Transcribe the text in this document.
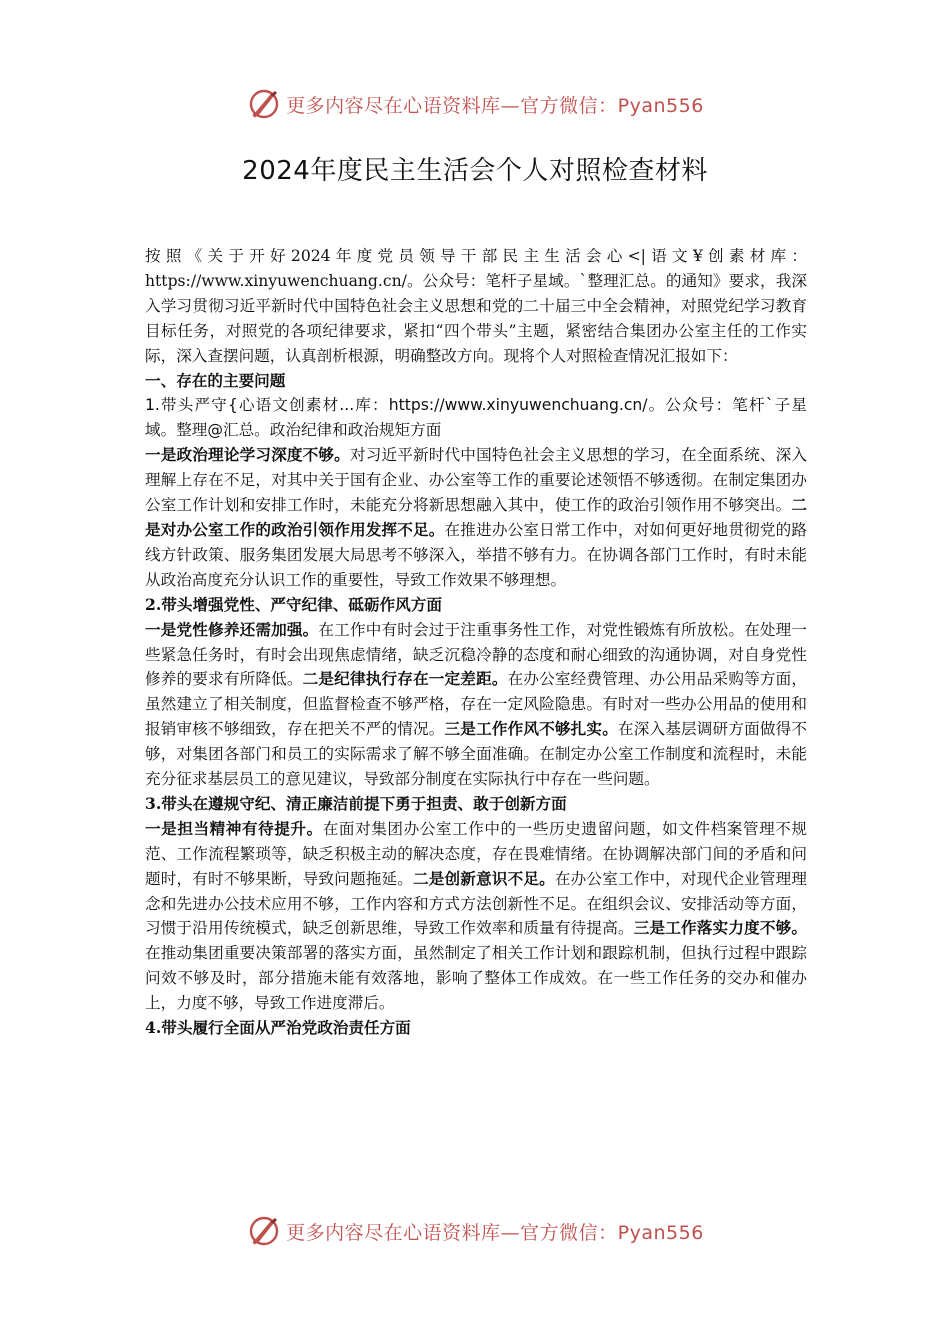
更多内容尽在心语资料库—官方微信：Pyan556
2024年度民主生活会个人对照检查材料

按照《关于开好2024年度党员领导干部民主生活会心<|语文¥创素材库：https://www.xinyuwenchuang.cn/。公众号：笔杆子星域。`整理汇总。的通知》要求，我深入学习贯彻习近平新时代中国特色社会主义思想和党的二十届三中全会精神，对照党纪学习教育目标任务，对照党的各项纪律要求，紧扣“四个带头”主题，紧密结合集团办公室主任的工作实际，深入查摆问题，认真剖析根源，明确整改方向。现将个人对照检查情况汇报如下：

一、存在的主要问题

1.带头严守{心语文创素材...库：https://www.xinyuwenchuang.cn/。公众号：笔杆`子星域。整理@汇总。政治纪律和政治规矩方面

一是政治理论学习深度不够。对习近平新时代中国特色社会主义思想的学习，在全面系统、深入理解上存在不足，对其中关于国有企业、办公室等工作的重要论述领悟不够透彻。在制定集团办公室工作计划和安排工作时，未能充分将新思想融入其中，使工作的政治引领作用不够突出。二是对办公室工作的政治引领作用发挥不足。在推进办公室日常工作中，对如何更好地贯彻党的路线方针政策、服务集团发展大局思考不够深入，举措不够有力。在协调各部门工作时，有时未能从政治高度充分认识工作的重要性，导致工作效果不够理想。

2.带头增强党性、严守纪律、砥砺作风方面

一是党性修养还需加强。在工作中有时会过于注重事务性工作，对党性锻炼有所放松。在处理一些紧急任务时，有时会出现焦虑情绪，缺乏沉稳冷静的态度和耐心细致的沟通协调，对自身党性修养的要求有所降低。二是纪律执行存在一定差距。在办公室经费管理、办公用品采购等方面，虽然建立了相关制度，但监督检查不够严格，存在一定风险隐患。有时对一些办公用品的使用和报销审核不够细致，存在把关不严的情况。三是工作作风不够扎实。在深入基层调研方面做得不够，对集团各部门和员工的实际需求了解不够全面准确。在制定办公室工作制度和流程时，未能充分征求基层员工的意见建议，导致部分制度在实际执行中存在一些问题。

3.带头在遵规守纪、清正廉洁前提下勇于担责、敢于创新方面

一是担当精神有待提升。在面对集团办公室工作中的一些历史遗留问题，如文件档案管理不规范、工作流程繁琐等，缺乏积极主动的解决态度，存在畏难情绪。在协调解决部门间的矛盾和问题时，有时不够果断，导致问题拖延。二是创新意识不足。在办公室工作中，对现代企业管理理念和先进办公技术应用不够，工作内容和方式方法创新性不足。在组织会议、安排活动等方面，习惯于沿用传统模式，缺乏创新思维，导致工作效率和质量有待提高。三是工作落实力度不够。在推动集团重要决策部署的落实方面，虽然制定了相关工作计划和跟踪机制，但执行过程中跟踪问效不够及时，部分措施未能有效落地，影响了整体工作成效。在一些工作任务的交办和催办上，力度不够，导致工作进度滞后。

4.带头履行全面从严治党政治责任方面

更多内容尽在心语资料库—官方微信：Pyan556
